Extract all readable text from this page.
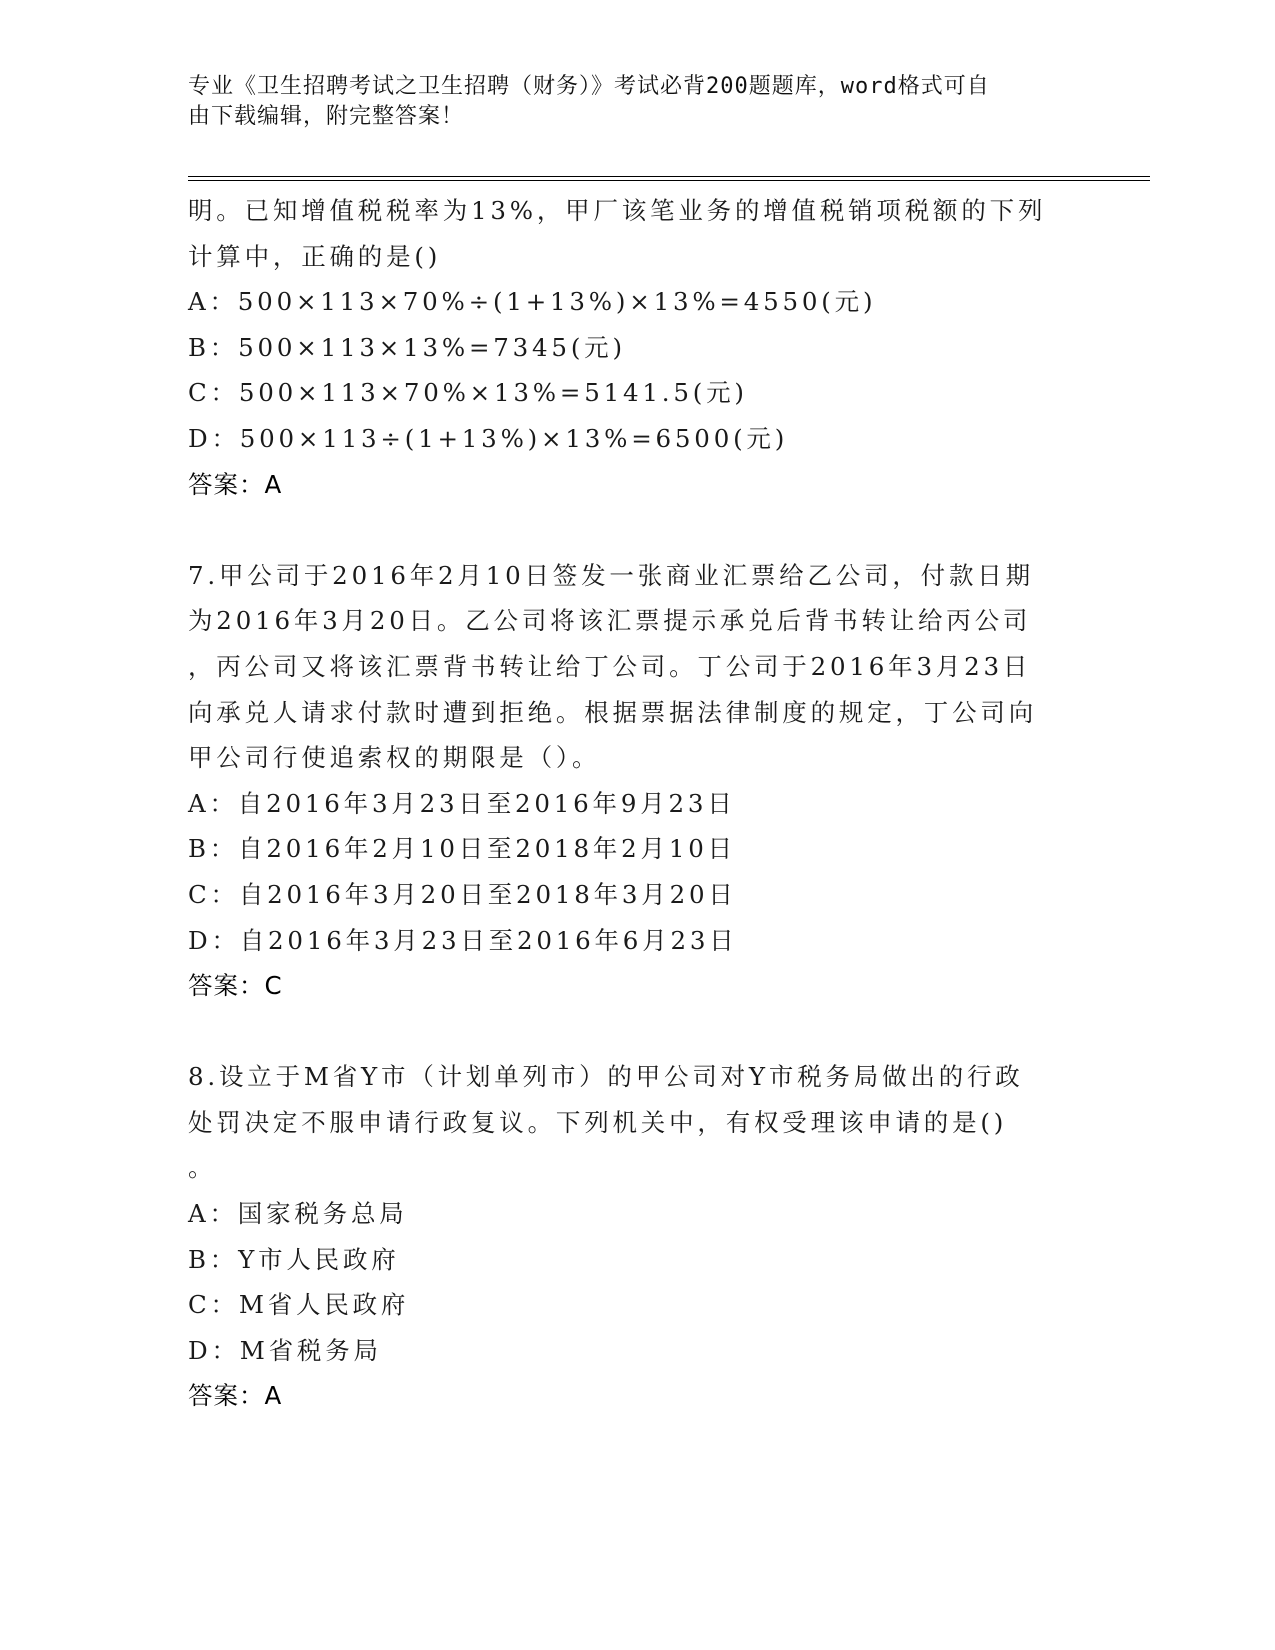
专业《卫生招聘考试之卫生招聘（财务）》考试必背200题题库，word格式可自
由下载编辑，附完整答案！

明。已知增值税税率为13%，甲厂该笔业务的增值税销项税额的下列

计算中，正确的是()

A：500×113×70%÷(1+13%)×13%=4550(元)

B：500×113×13%=7345(元)

C：500×113×70%×13%=5141.5(元)

D：500×113÷(1+13%)×13%=6500(元)

答案：A

7.甲公司于2016年2月10日签发一张商业汇票给乙公司，付款日期

为2016年3月20日。乙公司将该汇票提示承兑后背书转让给丙公司

，丙公司又将该汇票背书转让给丁公司。丁公司于2016年3月23日

向承兑人请求付款时遭到拒绝。根据票据法律制度的规定，丁公司向

甲公司行使追索权的期限是（）。

A：自2016年3月23日至2016年9月23日

B：自2016年2月10日至2018年2月10日

C：自2016年3月20日至2018年3月20日

D：自2016年3月23日至2016年6月23日

答案：C

8.设立于M省Y市（计划单列市）的甲公司对Y市税务局做出的行政

处罚决定不服申请行政复议。下列机关中，有权受理该申请的是()

。

A：国家税务总局

B：Y市人民政府

C：M省人民政府

D：M省税务局

答案：A
